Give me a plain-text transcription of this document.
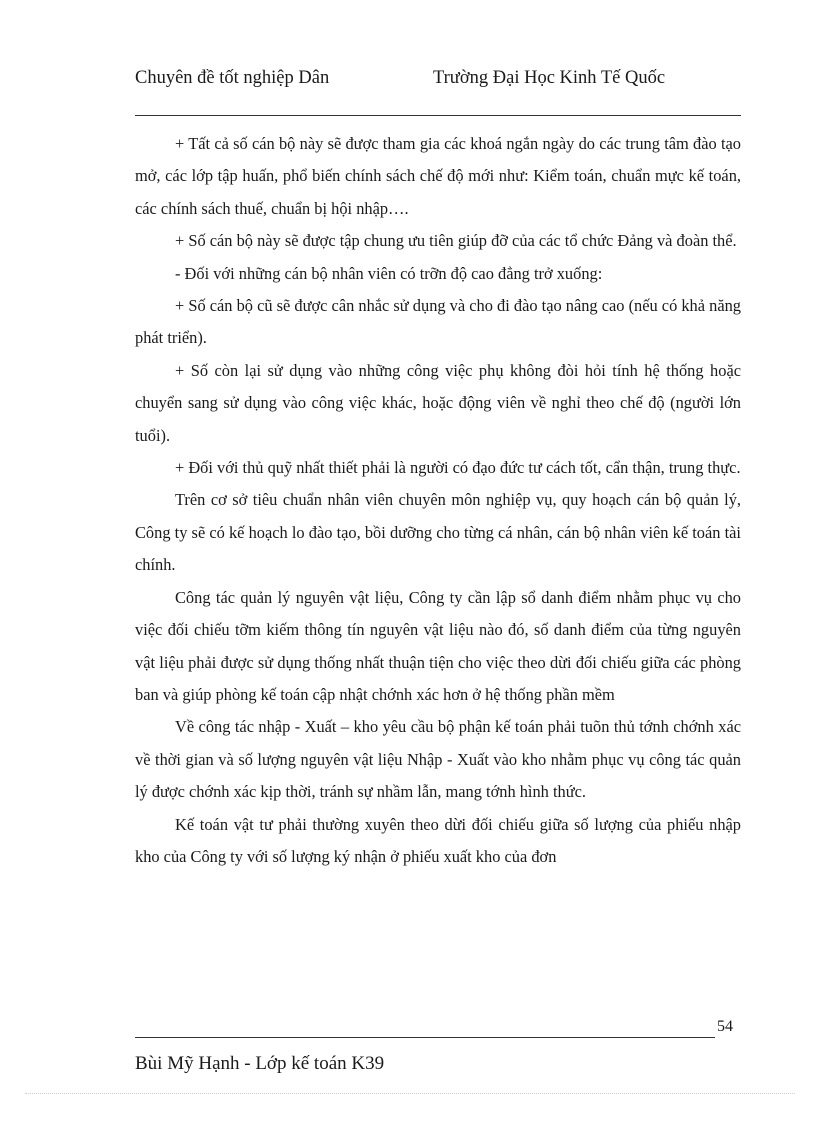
Chuyên đề tốt nghiệp Dân	Trường Đại Học Kinh Tế Quốc

+ Tất cả số cán bộ này sẽ được tham gia các khoá ngắn ngày do các trung tâm đào tạo mở, các lớp tập huấn, phổ biến chính sách chế độ mới như: Kiểm toán, chuẩn mực kế toán, các chính sách thuế, chuẩn bị hội nhập….

+ Số cán bộ này sẽ được tập chung ưu tiên giúp đỡ của các tổ chức Đảng và đoàn thể.

- Đối với những cán bộ nhân viên có trỡn độ cao đẳng trở xuống:

+ Số cán bộ cũ sẽ được cân nhắc sử dụng và cho đi đào tạo nâng cao (nếu có khả năng phát triển).

+ Số còn lại sử dụng vào những công việc phụ không đòi hỏi tính hệ thống hoặc chuyển sang sử dụng vào công việc khác, hoặc động viên về nghỉ theo chế độ (người lớn tuổi).

+ Đối với thủ quỹ nhất thiết phải là người có đạo đức tư cách tốt, cẩn thận, trung thực.

Trên cơ sở tiêu chuẩn nhân viên chuyên môn nghiệp vụ, quy hoạch cán bộ quản lý, Công ty sẽ có kế hoạch lo đào tạo, bồi dưỡng cho từng cá nhân, cán bộ nhân viên kế toán tài chính.

Công tác quản lý nguyên vật liệu, Công ty cần lập sổ danh điểm nhằm phục vụ cho việc đối chiếu tỡm kiếm thông tín nguyên vật liệu nào đó, số danh điểm của từng nguyên vật liệu phải được sử dụng thống nhất thuận tiện cho việc theo dừi đối chiếu giữa các phòng ban và giúp phòng kế toán cập nhật chớnh xác hơn ở hệ thống phần mềm

Về công tác nhập - Xuất – kho yêu cầu bộ phận kế toán phải tuõn thủ tớnh chớnh xác về thời gian và số lượng nguyên vật liệu Nhập - Xuất vào kho nhằm phục vụ công tác quản lý được chớnh xác kịp thời, tránh sự nhầm lẫn, mang tớnh hình thức.

Kế toán vật tư phải thường xuyên theo dừi đối chiếu giữa số lượng của phiếu nhập kho của Công ty với số lượng ký nhận ở phiếu xuất kho của đơn

54
Bùi Mỹ Hạnh - Lớp kế toán K39
